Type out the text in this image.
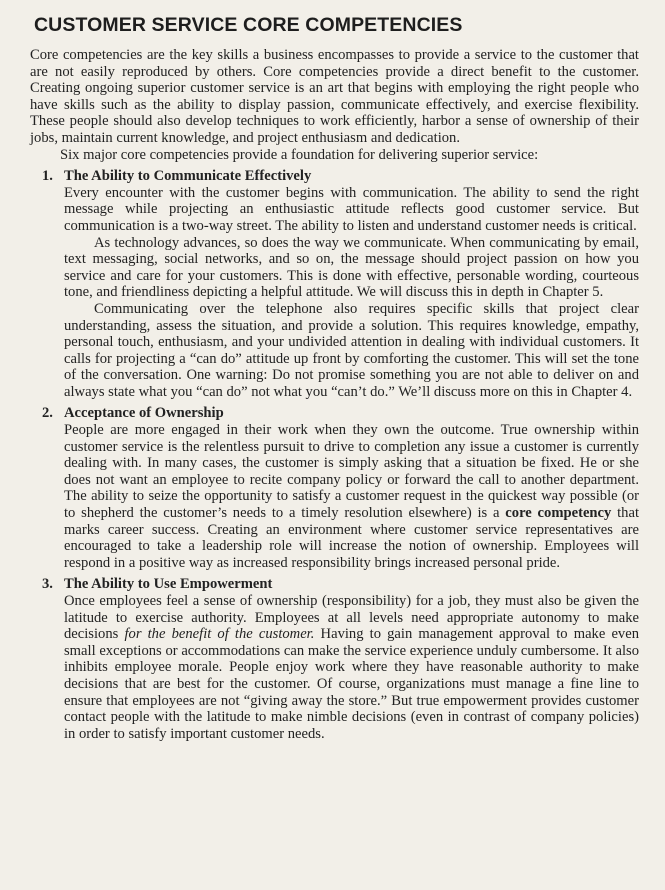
CUSTOMER SERVICE CORE COMPETENCIES

Core competencies are the key skills a business encompasses to provide a service to the customer that are not easily reproduced by others. Core competencies provide a direct benefit to the customer. Creating ongoing superior customer service is an art that begins with employing the right people who have skills such as the ability to display passion, communicate effectively, and exercise flexibility. These people should also develop techniques to work efficiently, harbor a sense of ownership of their jobs, maintain current knowledge, and project enthusiasm and dedication.

Six major core competencies provide a foundation for delivering superior service:

1. The Ability to Communicate Effectively

Every encounter with the customer begins with communication. The ability to send the right message while projecting an enthusiastic attitude reflects good customer service. But communication is a two-way street. The ability to listen and understand customer needs is critical.

As technology advances, so does the way we communicate. When communicating by email, text messaging, social networks, and so on, the message should project passion on how you service and care for your customers. This is done with effective, personable wording, courteous tone, and friendliness depicting a helpful attitude. We will discuss this in depth in Chapter 5.

Communicating over the telephone also requires specific skills that project clear understanding, assess the situation, and provide a solution. This requires knowledge, empathy, personal touch, enthusiasm, and your undivided attention in dealing with individual customers. It calls for projecting a “can do” attitude up front by comforting the customer. This will set the tone of the conversation. One warning: Do not promise something you are not able to deliver on and always state what you “can do” not what you “can’t do.” We’ll discuss more on this in Chapter 4.

2. Acceptance of Ownership

People are more engaged in their work when they own the outcome. True ownership within customer service is the relentless pursuit to drive to completion any issue a customer is currently dealing with. In many cases, the customer is simply asking that a situation be fixed. He or she does not want an employee to recite company policy or forward the call to another department. The ability to seize the opportunity to satisfy a customer request in the quickest way possible (or to shepherd the customer’s needs to a timely resolution elsewhere) is a core competency that marks career success. Creating an environment where customer service representatives are encouraged to take a leadership role will increase the notion of ownership. Employees will respond in a positive way as increased responsibility brings increased personal pride.

3. The Ability to Use Empowerment

Once employees feel a sense of ownership (responsibility) for a job, they must also be given the latitude to exercise authority. Employees at all levels need appropriate autonomy to make decisions for the benefit of the customer. Having to gain management approval to make even small exceptions or accommodations can make the service experience unduly cumbersome. It also inhibits employee morale. People enjoy work where they have reasonable authority to make decisions that are best for the customer. Of course, organizations must manage a fine line to ensure that employees are not “giving away the store.” But true empowerment provides customer contact people with the latitude to make nimble decisions (even in contrast of company policies) in order to satisfy important customer needs.
